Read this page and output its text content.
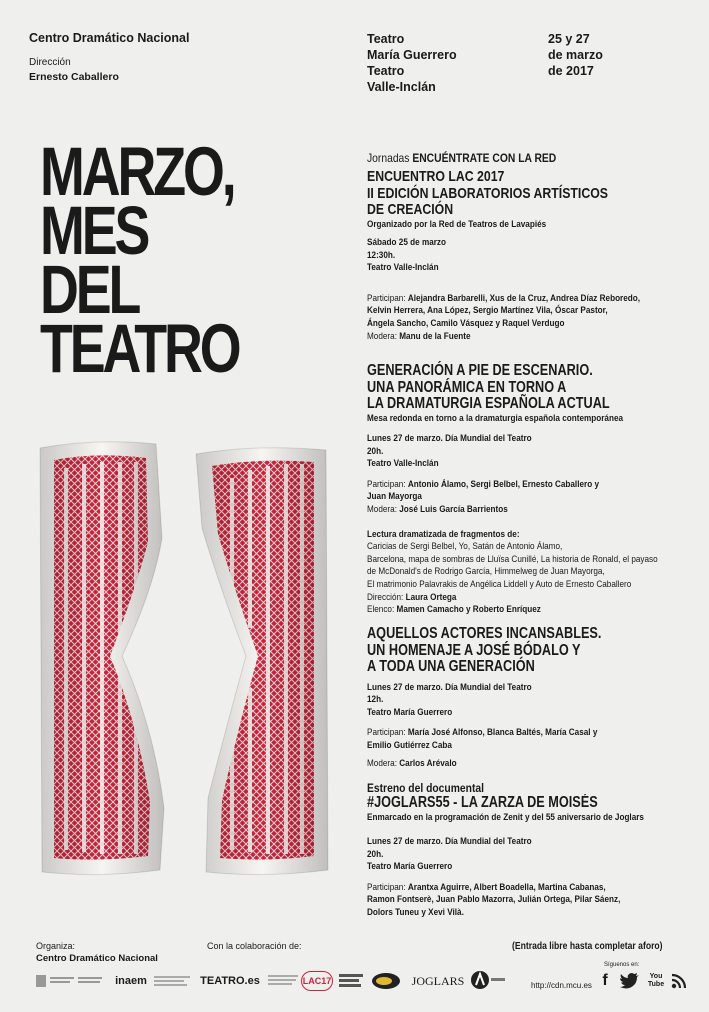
Centro Dramático Nacional
Dirección
Ernesto Caballero
Teatro
María Guerrero
Teatro
Valle-Inclán
25 y 27
de marzo
de 2017
MARZO,
MES
DEL
TEATRO
Jornadas ENCUÉNTRATE CON LA RED
ENCUENTRO LAC 2017
II EDICIÓN LABORATORIOS ARTÍSTICOS
DE CREACIÓN
Organizado por la Red de Teatros de Lavapiés
Sábado 25 de marzo
12:30h.
Teatro Valle-Inclán
Participan: Alejandra Barbarelli, Xus de la Cruz, Andrea Díaz Reboredo,
Kelvin Herrera, Ana López, Sergio Martínez Vila, Óscar Pastor,
Ángela Sancho, Camilo Vásquez y Raquel Verdugo
Modera: Manu de la Fuente
GENERACIÓN A PIE DE ESCENARIO.
UNA PANORÁMICA EN TORNO A
LA DRAMATURGIA ESPAÑOLA ACTUAL
Mesa redonda en torno a la dramaturgia española contemporánea
Lunes 27 de marzo. Día Mundial del Teatro
20h.
Teatro Valle-Inclán
Participan: Antonio Álamo, Sergi Belbel, Ernesto Caballero y
Juan Mayorga
Modera: José Luis García Barrientos
Lectura dramatizada de fragmentos de:
Caricias de Sergi Belbel, Yo, Satán de Antonio Álamo,
Barcelona, mapa de sombras de Lluïsa Cunillé, La historia de Ronald, el payaso
de McDonald's de Rodrigo García, Himmelweg de Juan Mayorga,
El matrimonio Palavrakis de Angélica Liddell y Auto de Ernesto Caballero
Dirección: Laura Ortega
Elenco: Mamen Camacho y Roberto Enríquez
AQUELLOS ACTORES INCANSABLES.
UN HOMENAJE A JOSÉ BÓDALO Y
A TODA UNA GENERACIÓN
Lunes 27 de marzo. Día Mundial del Teatro
12h.
Teatro María Guerrero
Participan: María José Alfonso, Blanca Baltés, María Casal y
Emilio Gutiérrez Caba
Modera: Carlos Arévalo
Estreno del documental
#JOGLARS55 - LA ZARZA DE MOISÉS
Enmarcado en la programación de Zenit y del 55 aniversario de Joglars
Lunes 27 de marzo. Día Mundial del Teatro
20h.
Teatro María Guerrero
Participan: Arantxa Aguirre, Albert Boadella, Martina Cabanas,
Ramon Fontserè, Juan Pablo Mazorra, Julián Ortega, Pilar Sáenz,
Dolors Tuneu y Xevi Vilà.
Organiza:
Centro Dramático Nacional
Con la colaboración de:	(Entrada libre hasta completar aforo)
Síguenos en:
http://cdn.mcu.es
inaem	TEATRO.es	LAC17	JOGLARS	f	You Tube
